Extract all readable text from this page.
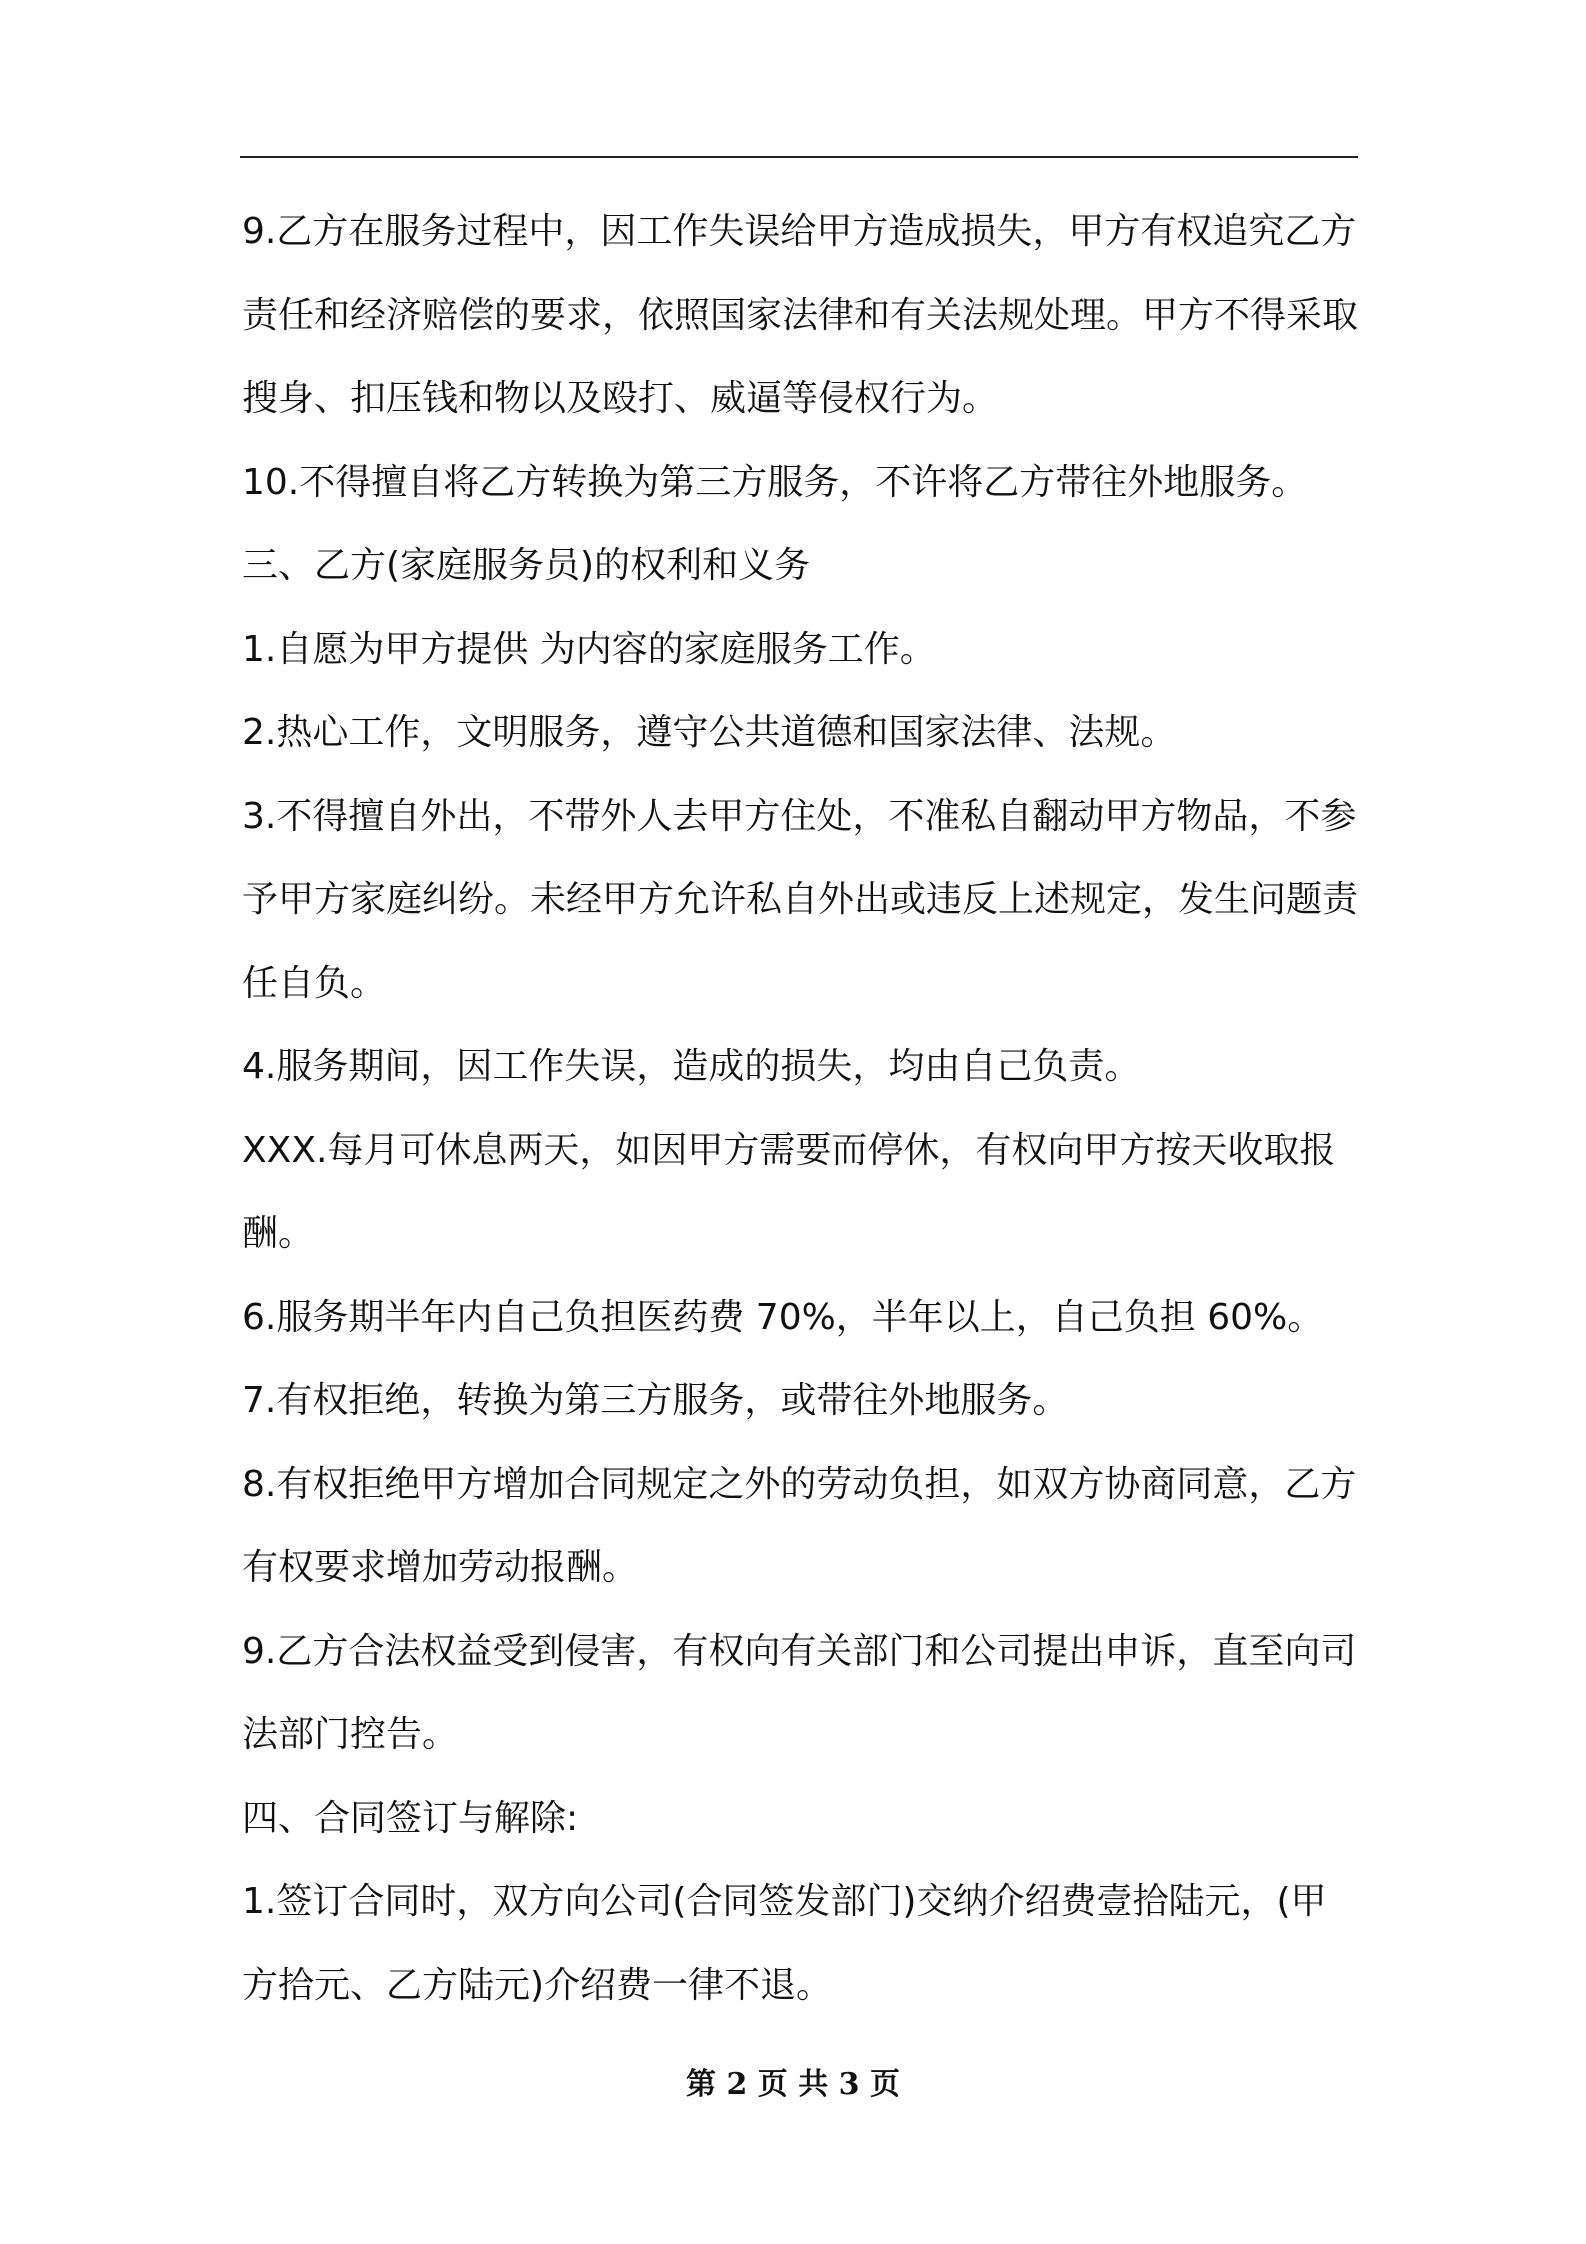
9.乙方在服务过程中，因工作失误给甲方造成损失，甲方有权追究乙方责任和经济赔偿的要求，依照国家法律和有关法规处理。甲方不得采取搜身、扣压钱和物以及殴打、威逼等侵权行为。

10.不得擅自将乙方转换为第三方服务，不许将乙方带往外地服务。

三、乙方(家庭服务员)的权利和义务

1.自愿为甲方提供 为内容的家庭服务工作。

2.热心工作，文明服务，遵守公共道德和国家法律、法规。

3.不得擅自外出，不带外人去甲方住处，不准私自翻动甲方物品，不参予甲方家庭纠纷。未经甲方允许私自外出或违反上述规定，发生问题责任自负。

4.服务期间，因工作失误，造成的损失，均由自己负责。

XXX.每月可休息两天，如因甲方需要而停休，有权向甲方按天收取报酬。

6.服务期半年内自己负担医药费 70%，半年以上，自己负担 60%。

7.有权拒绝，转换为第三方服务，或带往外地服务。

8.有权拒绝甲方增加合同规定之外的劳动负担，如双方协商同意，乙方有权要求增加劳动报酬。

9.乙方合法权益受到侵害，有权向有关部门和公司提出申诉，直至向司法部门控告。

四、合同签订与解除:

1.签订合同时，双方向公司(合同签发部门)交纳介绍费壹拾陆元，(甲方拾元、乙方陆元)介绍费一律不退。

第 2 页 共 3 页
